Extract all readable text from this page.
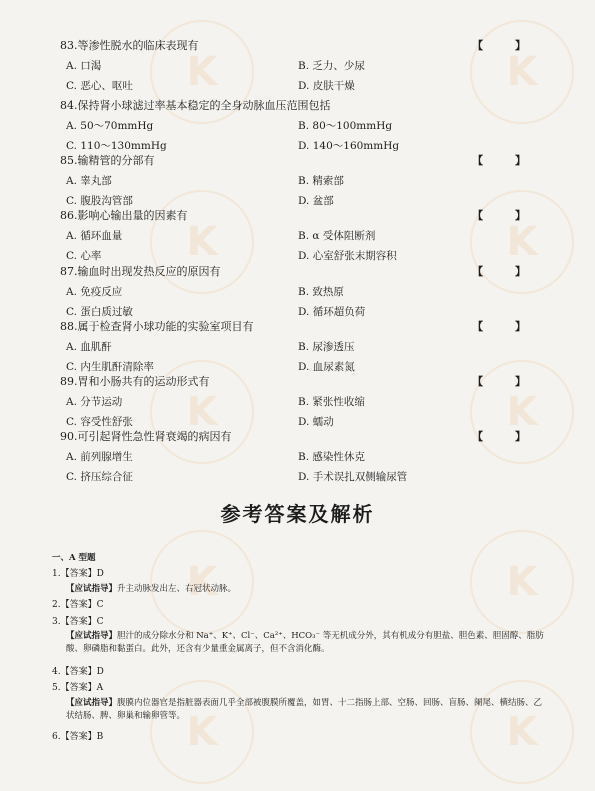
K	K
K	K
K	K
K	K
K	K
83.等渗性脱水的临床表现有	【 】
A. 口渴	B. 乏力、少尿
C. 恶心、呕吐	D. 皮肤干燥
84.保持肾小球滤过率基本稳定的全身动脉血压范围包括
A. 50～70mmHg	B. 80～100mmHg
C. 110～130mmHg	D. 140～160mmHg
85.输精管的分部有	【 】
A. 睾丸部	B. 精索部
C. 腹股沟管部	D. 盆部
86.影响心输出量的因素有	【 】
A. 循环血量	B. α 受体阻断剂
C. 心率	D. 心室舒张末期容积
87.输血时出现发热反应的原因有	【 】
A. 免疫反应	B. 致热原
C. 蛋白质过敏	D. 循环超负荷
88.属于检查肾小球功能的实验室项目有	【 】
A. 血肌酐	B. 尿渗透压
C. 内生肌酐清除率	D. 血尿素氮
89.胃和小肠共有的运动形式有	【 】
A. 分节运动	B. 紧张性收缩
C. 容受性舒张	D. 蠕动
90.可引起肾性急性肾衰竭的病因有	【 】
A. 前列腺增生	B. 感染性休克
C. 挤压综合征	D. 手术误扎双侧输尿管
参考答案及解析
一、A 型题
1.【答案】D
【应试指导】升主动脉发出左、右冠状动脉。
2.【答案】C
3.【答案】C
【应试指导】胆汁的成分除水分和 Na⁺、K⁺、Cl⁻、Ca²⁺、HCO₃⁻ 等无机成分外，其有机成分有胆盐、胆色素、胆固醇、脂肪酸、卵磷脂和黏蛋白。此外，还含有少量重金属离子，但不含消化酶。
4.【答案】D
5.【答案】A
【应试指导】腹膜内位器官是指脏器表面几乎全部被腹膜所覆盖，如胃、十二指肠上部、空肠、回肠、盲肠、阑尾、横结肠、乙状结肠、脾、卵巢和输卵管等。
6.【答案】B
